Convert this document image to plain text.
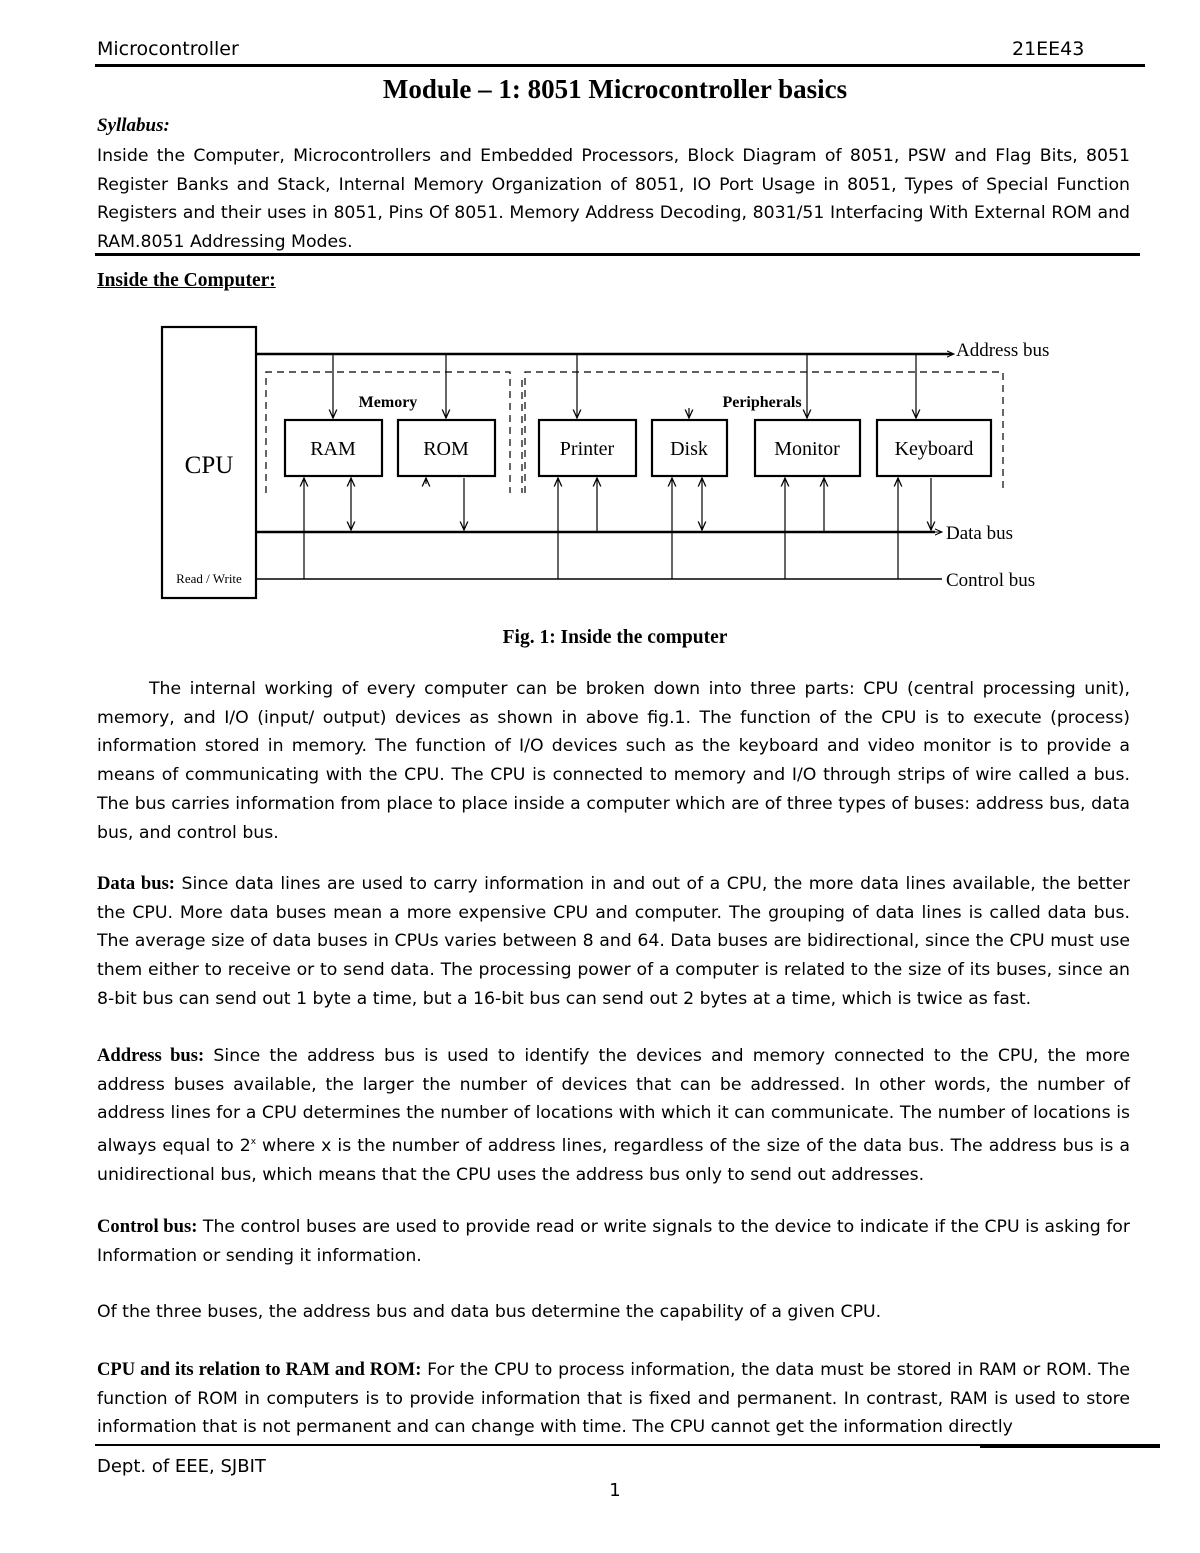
Microcontroller	21EE43
Module – 1: 8051 Microcontroller basics
Syllabus:

Inside the Computer, Microcontrollers and Embedded Processors, Block Diagram of 8051, PSW and Flag Bits, 8051 Register Banks and Stack, Internal Memory Organization of 8051, IO Port Usage in 8051, Types of Special Function Registers and their uses in 8051, Pins Of 8051. Memory Address Decoding, 8031/51 Interfacing With External ROM and RAM.8051 Addressing Modes.

Inside the Computer:
CPU
Read / Write
Address bus
Memory	Peripherals
RAM	ROM	Printer	Disk	Monitor	Keyboard
Data bus
Control bus
Fig. 1: Inside the computer

The internal working of every computer can be broken down into three parts: CPU (central processing unit), memory, and I/O (input/ output) devices as shown in above fig.1. The function of the CPU is to execute (process) information stored in memory. The function of I/O devices such as the keyboard and video monitor is to provide a means of communicating with the CPU. The CPU is connected to memory and I/O through strips of wire called a bus. The bus carries information from place to place inside a computer which are of three types of buses: address bus, data bus, and control bus.

Data bus: Since data lines are used to carry information in and out of a CPU, the more data lines available, the better the CPU. More data buses mean a more expensive CPU and computer. The grouping of data lines is called data bus. The average size of data buses in CPUs varies between 8 and 64. Data buses are bidirectional, since the CPU must use them either to receive or to send data. The processing power of a computer is related to the size of its buses, since an 8-bit bus can send out 1 byte a time, but a 16-bit bus can send out 2 bytes at a time, which is twice as fast.

Address bus: Since the address bus is used to identify the devices and memory connected to the CPU, the more address buses available, the larger the number of devices that can be addressed. In other words, the number of address lines for a CPU determines the number of locations with which it can communicate. The number of locations is always equal to 2$^x$ where x is the number of address lines, regardless of the size of the data bus. The address bus is a unidirectional bus, which means that the CPU uses the address bus only to send out addresses.

Control bus: The control buses are used to provide read or write signals to the device to indicate if the CPU is asking for Information or sending it information.

Of the three buses, the address bus and data bus determine the capability of a given CPU.

CPU and its relation to RAM and ROM: For the CPU to process information, the data must be stored in RAM or ROM. The function of ROM in computers is to provide information that is fixed and permanent. In contrast, RAM is used to store information that is not permanent and can change with time. The CPU cannot get the information directly

Dept. of EEE, SJBIT
1
